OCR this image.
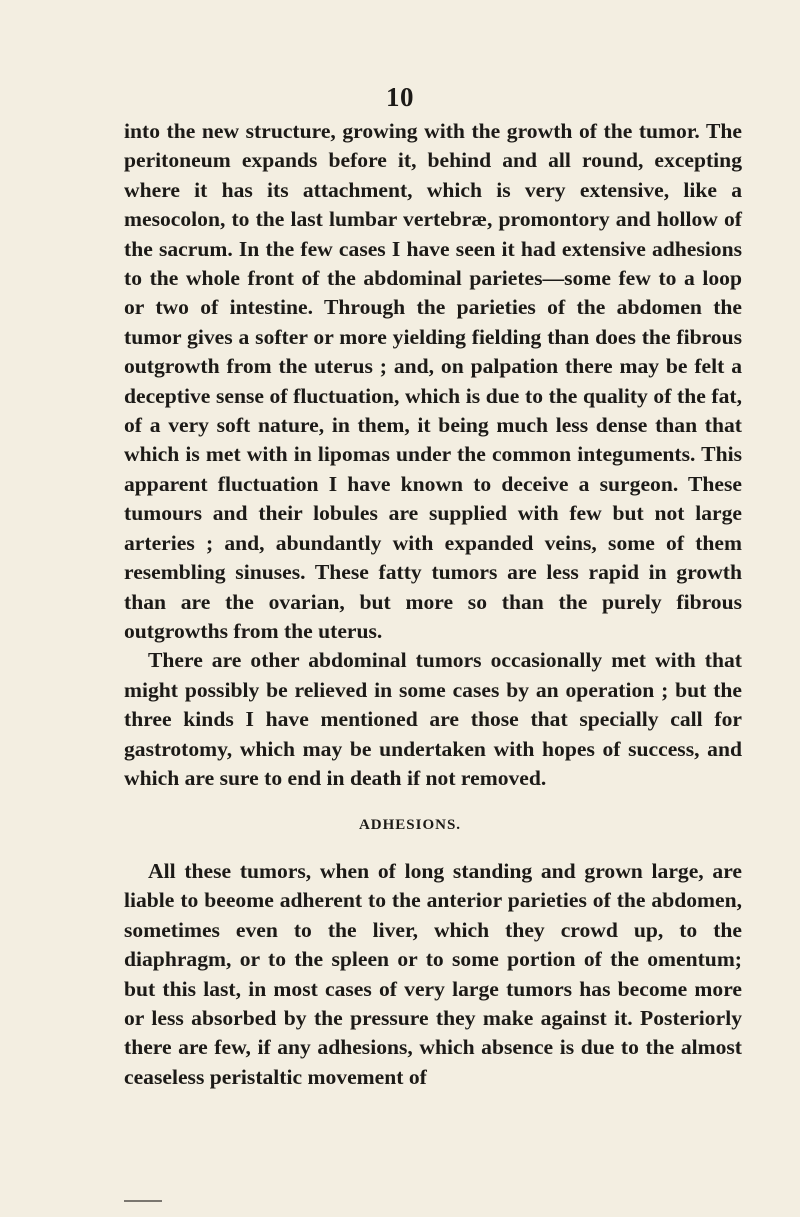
10

into the new structure, growing with the growth of the tumor. The peritoneum expands before it, behind and all round, excepting where it has its attachment, which is very extensive, like a mesocolon, to the last lumbar vertebræ, promontory and hollow of the sacrum. In the few cases I have seen it had extensive adhesions to the whole front of the abdominal parietes—some few to a loop or two of intestine. Through the parieties of the abdomen the tumor gives a softer or more yielding fielding than does the fibrous outgrowth from the uterus ; and, on palpation there may be felt a deceptive sense of fluctuation, which is due to the quality of the fat, of a very soft nature, in them, it being much less dense than that which is met with in lipomas under the common integuments. This apparent fluctuation I have known to deceive a surgeon. These tumours and their lobules are supplied with few but not large arteries ; and, abundantly with expanded veins, some of them resembling sinuses. These fatty tumors are less rapid in growth than are the ovarian, but more so than the purely fibrous outgrowths from the uterus.

There are other abdominal tumors occasionally met with that might possibly be relieved in some cases by an operation ; but the three kinds I have mentioned are those that specially call for gastrotomy, which may be undertaken with hopes of success, and which are sure to end in death if not removed.

ADHESIONS.

All these tumors, when of long standing and grown large, are liable to beeome adherent to the anterior parieties of the abdomen, sometimes even to the liver, which they crowd up, to the diaphragm, or to the spleen or to some portion of the omentum; but this last, in most cases of very large tumors has become more or less absorbed by the pressure they make against it. Posteriorly there are few, if any adhesions, which absence is due to the almost ceaseless peristaltic movement of
